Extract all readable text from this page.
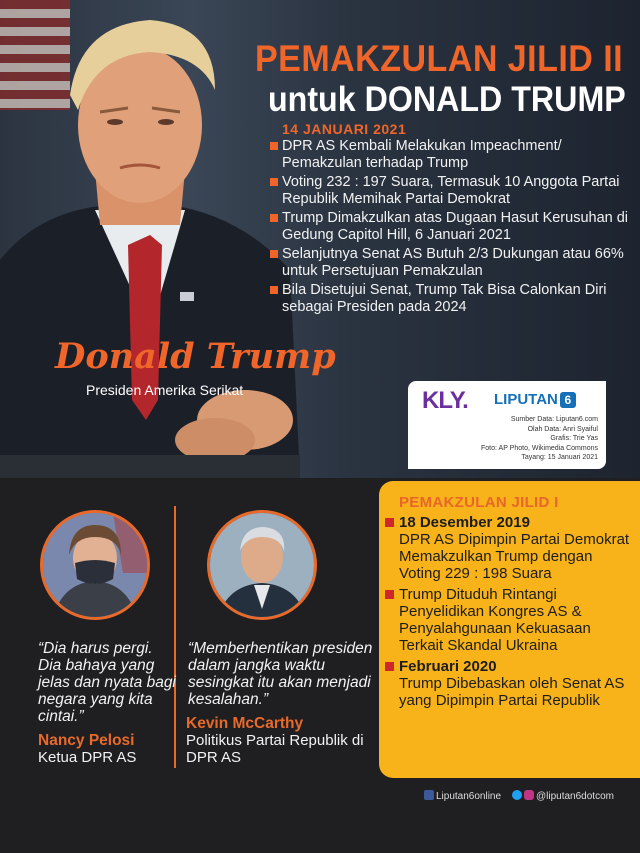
PEMAKZULAN JILID II
untuk DONALD TRUMP
14 JANUARI 2021
DPR AS Kembali Melakukan Impeachment/ Pemakzulan terhadap Trump
Voting 232 : 197 Suara, Termasuk 10 Anggota Partai Republik Memihak Partai Demokrat
Trump Dimakzulkan atas Dugaan Hasut Kerusuhan di Gedung Capitol Hill, 6 Januari 2021
Selanjutnya Senat AS Butuh 2/3 Dukungan atau 66% untuk Persetujuan Pemakzulan
Bila Disetujui Senat, Trump Tak Bisa Calonkan Diri sebagai Presiden pada 2024
Donald Trump
Presiden Amerika Serikat	KLY. LIPUTAN 6
Sumber Data: Liputan6.com
Olah Data: Anri Syaiful
Grafis: Trie Yas
Foto: AP Photo, Wikimedia Commons
Tayang: 15 Januari 2021
“Dia harus pergi. Dia bahaya yang jelas dan nyata bagi negara yang kita cintai.”
Nancy Pelosi
Ketua DPR AS
“Memberhentikan presiden dalam jangka waktu sesingkat itu akan menjadi kesalahan.”
Kevin McCarthy
Politikus Partai Republik di DPR AS
PEMAKZULAN JILID I
18 Desember 2019
DPR AS Dipimpin Partai Demokrat Memakzulkan Trump dengan Voting 229 : 198 Suara
Trump Dituduh Rintangi Penyelidikan Kongres AS & Penyalahgunaan Kekuasaan Terkait Skandal Ukraina
Februari 2020
Trump Dibebaskan oleh Senat AS yang Dipimpin Partai Republik
Liputan6online	@liputan6dotcom
